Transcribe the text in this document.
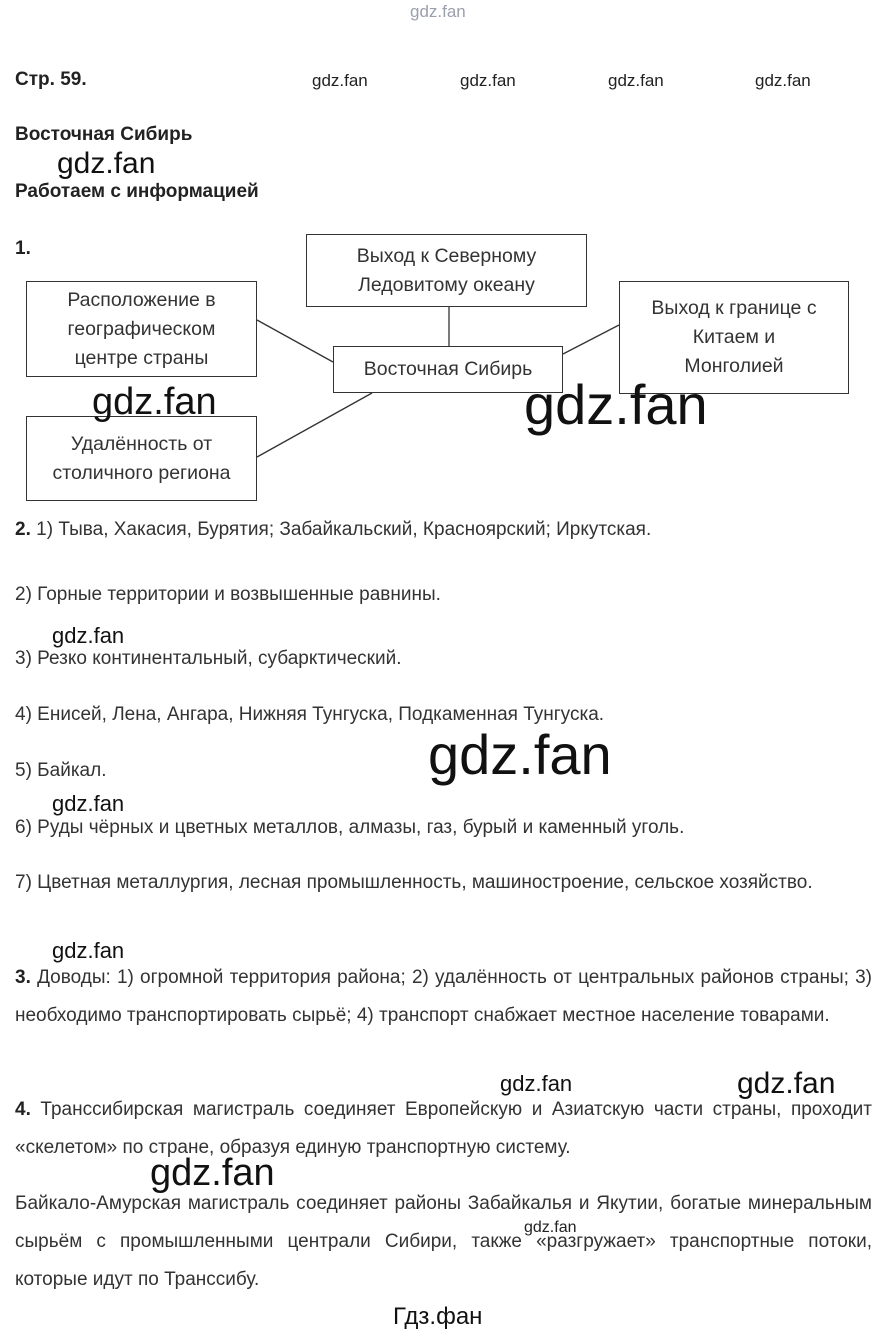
gdz.fan
Стр. 59.	gdz.fan	gdz.fan	gdz.fan	gdz.fan
Восточная Сибирь
gdz.fan
Работаем с информацией
1.	Выход к Северному
Ледовитому океану
Расположение в
географическом
центре страны
Восточная Сибирь
Выход к границе с
Китаем и
Монголией
Удалённость от
столичного региона
gdz.fan	gdz.fan
2. 1) Тыва, Хакасия, Бурятия; Забайкальский, Красноярский; Иркутская.
2) Горные территории и возвышенные равнины.
gdz.fan
3) Резко континентальный, субарктический.
4) Енисей, Лена, Ангара, Нижняя Тунгуска, Подкаменная Тунгуска.
gdz.fan
5) Байкал.
gdz.fan
6) Руды чёрных и цветных металлов, алмазы, газ, бурый и каменный уголь.
7) Цветная металлургия, лесная промышленность, машиностроение, сельское хозяйство.
gdz.fan
3. Доводы: 1) огромной территория района; 2) удалённость от центральных районов страны; 3) необходимо транспортировать сырьё; 4) транспорт снабжает местное население товарами.
gdz.fan	gdz.fan
4. Транссибирская магистраль соединяет Европейскую и Азиатскую части страны, проходит «скелетом» по стране, образуя единую транспортную систему.
gdz.fan
Байкало-Амурская магистраль соединяет районы Забайкалья и Якутии, богатые минеральным сырьём с промышленными централи Сибири, также «разгружает» транспортные потоки, которые идут по Транссибу.
gdz.fan
Гдз.фан
